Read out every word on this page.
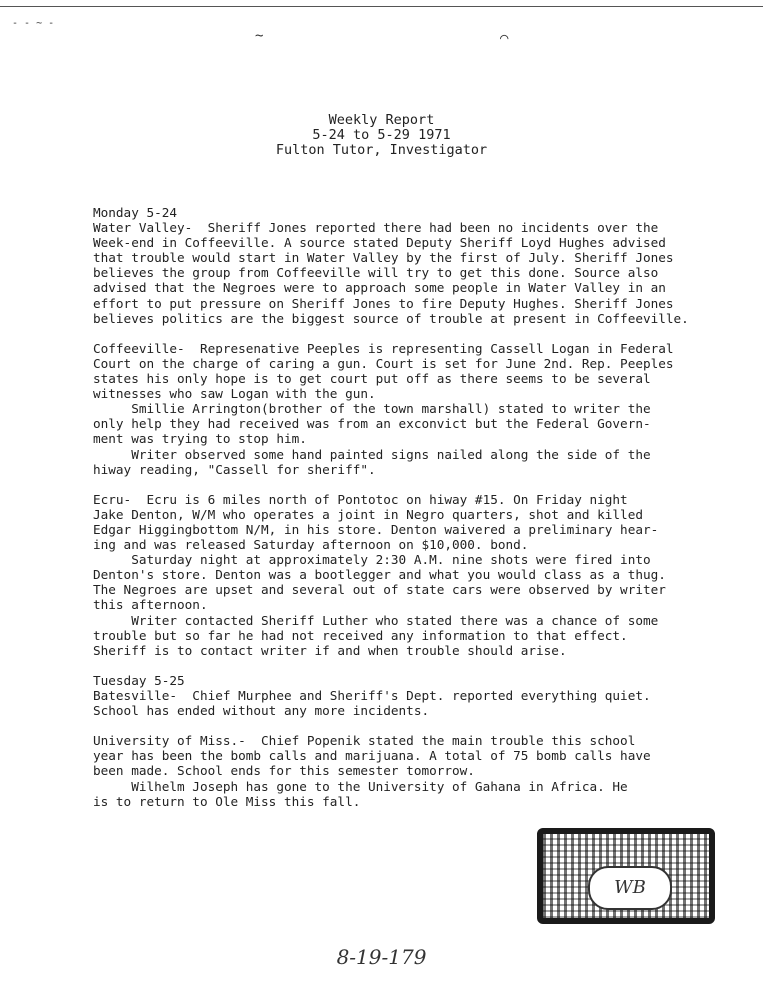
- - ~ -
~	⌒
Weekly Report
5-24 to 5-29 1971
Fulton Tutor, Investigator
Monday 5-24
Water Valley-  Sheriff Jones reported there had been no incidents over the
Week-end in Coffeeville. A source stated Deputy Sheriff Loyd Hughes advised
that trouble would start in Water Valley by the first of July. Sheriff Jones
believes the group from Coffeeville will try to get this done. Source also
advised that the Negroes were to approach some people in Water Valley in an
effort to put pressure on Sheriff Jones to fire Deputy Hughes. Sheriff Jones
believes politics are the biggest source of trouble at present in Coffeeville.
Coffeeville-  Represenative Peeples is representing Cassell Logan in Federal
Court on the charge of caring a gun. Court is set for June 2nd. Rep. Peeples
states his only hope is to get court put off as there seems to be several
witnesses who saw Logan with the gun.
Smillie Arrington(brother of the town marshall) stated to writer the
only help they had received was from an exconvict but the Federal Govern-
ment was trying to stop him.
Writer observed some hand painted signs nailed along the side of the
hiway reading, "Cassell for sheriff".
Ecru-  Ecru is 6 miles north of Pontotoc on hiway #15. On Friday night
Jake Denton, W/M who operates a joint in Negro quarters, shot and killed
Edgar Higgingbottom N/M, in his store. Denton waivered a preliminary hear-
ing and was released Saturday afternoon on $10,000. bond.
Saturday night at approximately 2:30 A.M. nine shots were fired into
Denton's store. Denton was a bootlegger and what you would class as a thug.
The Negroes are upset and several out of state cars were observed by writer
this afternoon.
Writer contacted Sheriff Luther who stated there was a chance of some
trouble but so far he had not received any information to that effect.
Sheriff is to contact writer if and when trouble should arise.
Tuesday 5-25
Batesville-  Chief Murphee and Sheriff's Dept. reported everything quiet.
School has ended without any more incidents.
University of Miss.-  Chief Popenik stated the main trouble this school
year has been the bomb calls and marijuana. A total of 75 bomb calls have
been made. School ends for this semester tomorrow.
Wilhelm Joseph has gone to the University of Gahana in Africa. He
is to return to Ole Miss this fall.
WB
8-19-179
